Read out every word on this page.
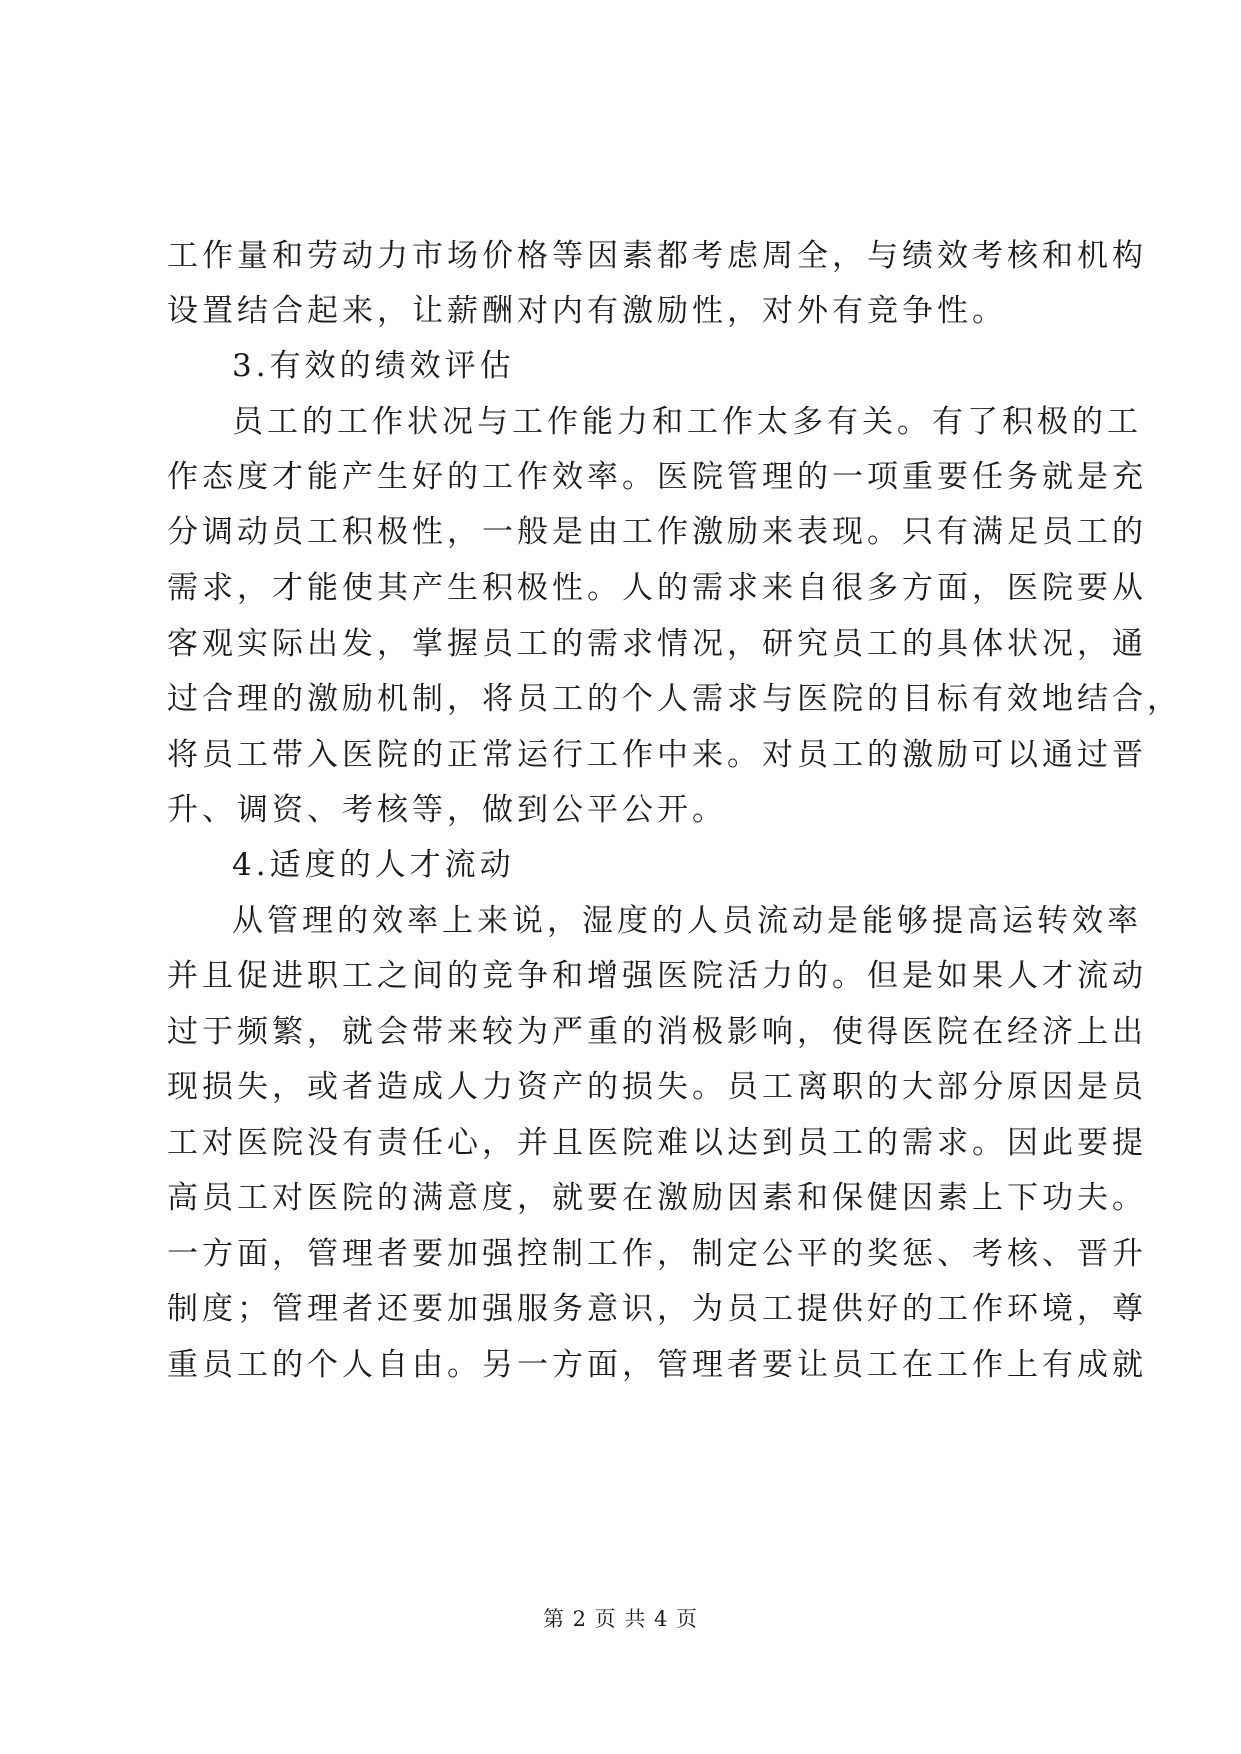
工作量和劳动力市场价格等因素都考虑周全，与绩效考核和机构
设置结合起来，让薪酬对内有激励性，对外有竞争性。
3.有效的绩效评估
员工的工作状况与工作能力和工作太多有关。有了积极的工
作态度才能产生好的工作效率。医院管理的一项重要任务就是充
分调动员工积极性，一般是由工作激励来表现。只有满足员工的
需求，才能使其产生积极性。人的需求来自很多方面，医院要从
客观实际出发，掌握员工的需求情况，研究员工的具体状况，通
过合理的激励机制，将员工的个人需求与医院的目标有效地结合，
将员工带入医院的正常运行工作中来。对员工的激励可以通过晋
升、调资、考核等，做到公平公开。
4.适度的人才流动
从管理的效率上来说，湿度的人员流动是能够提高运转效率
并且促进职工之间的竞争和增强医院活力的。但是如果人才流动
过于频繁，就会带来较为严重的消极影响，使得医院在经济上出
现损失，或者造成人力资产的损失。员工离职的大部分原因是员
工对医院没有责任心，并且医院难以达到员工的需求。因此要提
高员工对医院的满意度，就要在激励因素和保健因素上下功夫。
一方面，管理者要加强控制工作，制定公平的奖惩、考核、晋升
制度；管理者还要加强服务意识，为员工提供好的工作环境，尊
重员工的个人自由。另一方面，管理者要让员工在工作上有成就
第 2 页 共 4 页
